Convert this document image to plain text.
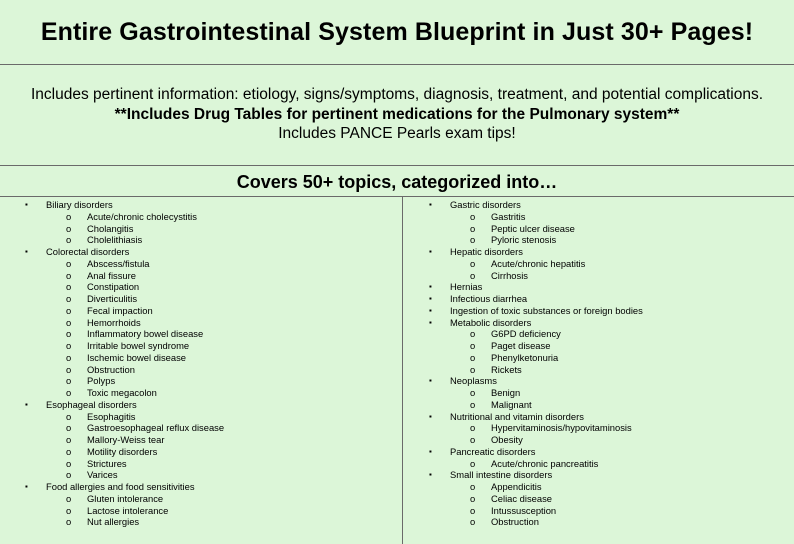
Entire Gastrointestinal System Blueprint in Just 30+ Pages!
Includes pertinent information: etiology, signs/symptoms, diagnosis, treatment, and potential complications.
**Includes Drug Tables for pertinent medications for the Pulmonary system**
Includes PANCE Pearls exam tips!
Covers 50+ topics, categorized into…
▪ Biliary disorders
o Acute/chronic cholecystitis
o Cholangitis
o Cholelithiasis
▪ Colorectal disorders
o Abscess/fistula
o Anal fissure
o Constipation
o Diverticulitis
o Fecal impaction
o Hemorrhoids
o Inflammatory bowel disease
o Irritable bowel syndrome
o Ischemic bowel disease
o Obstruction
o Polyps
o Toxic megacolon
▪ Esophageal disorders
o Esophagitis
o Gastroesophageal reflux disease
o Mallory-Weiss tear
o Motility disorders
o Strictures
o Varices
▪ Food allergies and food sensitivities
o Gluten intolerance
o Lactose intolerance
o Nut allergies
▪ Gastric disorders
o Gastritis
o Peptic ulcer disease
o Pyloric stenosis
▪ Hepatic disorders
o Acute/chronic hepatitis
o Cirrhosis
▪ Hernias
▪ Infectious diarrhea
▪ Ingestion of toxic substances or foreign bodies
▪ Metabolic disorders
o G6PD deficiency
o Paget disease
o Phenylketonuria
o Rickets
▪ Neoplasms
o Benign
o Malignant
▪ Nutritional and vitamin disorders
o Hypervitaminosis/hypovitaminosis
o Obesity
▪ Pancreatic disorders
o Acute/chronic pancreatitis
▪ Small intestine disorders
o Appendicitis
o Celiac disease
o Intussusception
o Obstruction
